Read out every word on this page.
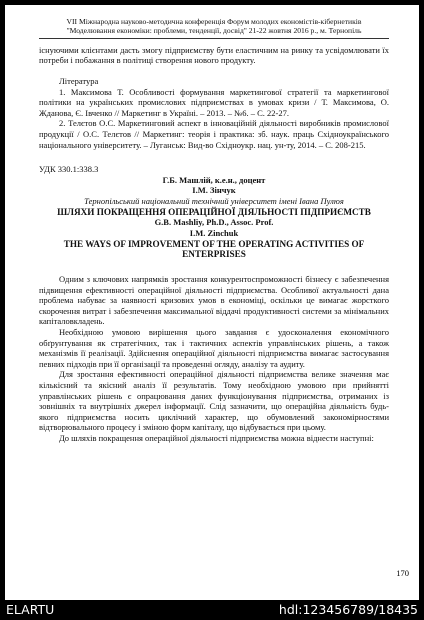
VII Міжнародна науково-методична конференція Форум молодих економістів-кібернетиків
"Моделювання економіки: проблеми, тенденції, досвід" 21-22 жовтня 2016 р., м. Тернопіль

існуючими клієнтами дасть змогу підприємству бути еластичним на ринку та усвідомлювати їх потреби і побажання в політиці створення нового продукту.

Література

1. Максимова Т. Особливості формування маркетингової стратегії та маркетингової політики на українських промислових підприємствах в умовах кризи / Т. Максимова, О. Жданова, Є. Івченко // Маркетинг в Україні. – 2013. – №6. – С. 22-27.

2. Телєтов О.С. Маркетинговий аспект в інноваційній діяльності виробників промислової продукції / О.С. Телєтов // Маркетинг: теорія і практика: зб. наук. праць Східноукраїнського національного університету. – Луганськ: Вид-во Східноукр. нац. ун-ту, 2014. – С. 208-215.

УДК 330.1:338.3

Г.Б. Машлій, к.е.н., доцент

І.М. Зінчук

Тернопільський національний технічний університет імені Івана Пулюя

ШЛЯХИ ПОКРАЩЕННЯ ОПЕРАЦІЙНОЇ ДІЯЛЬНОСТІ ПІДПРИЄМСТВ

G.B. Mashliy, Ph.D., Assoc. Prof.

I.M. Zinchuk

THE WAYS OF IMPROVEMENT OF THE OPERATING ACTIVITIES OF ENTERPRISES

Одним з ключових напрямків зростання конкурентоспроможності бізнесу є забезпечення підвищення ефективності операційної діяльності підприємства. Особливої актуальності дана проблема набуває за наявності кризових умов в економіці, оскільки це вимагає жорсткого скорочення витрат і забезпечення максимальної віддачі продуктивності системи за мінімальних капіталовкладень.

Необхідною умовою вирішення цього завдання є удосконалення економічного обґрунтування як стратегічних, так і тактичних аспектів управлінських рішень, а також механізмів її реалізації. Здійснення операційної діяльності підприємства вимагає застосування певних підходів при її організації та проведенні огляду, аналізу та аудиту.

Для зростання ефективності операційної діяльності підприємства велике значення має кількісний та якісний аналіз її результатів. Тому необхідною умовою при прийнятті управлінських рішень є опрацювання даних функціонування підприємства, отриманих із зовнішніх та внутрішніх джерел інформації. Слід зазначити, що операційна діяльність будь-якого підприємства носить циклічний характер, що обумовлений закономірностями відтворювального процесу і зміною форм капіталу, що відбувається при цьому.

До шляхів покращення операційної діяльності підприємства можна віднести наступні:

170
ELARTU	hdl:123456789/18435
